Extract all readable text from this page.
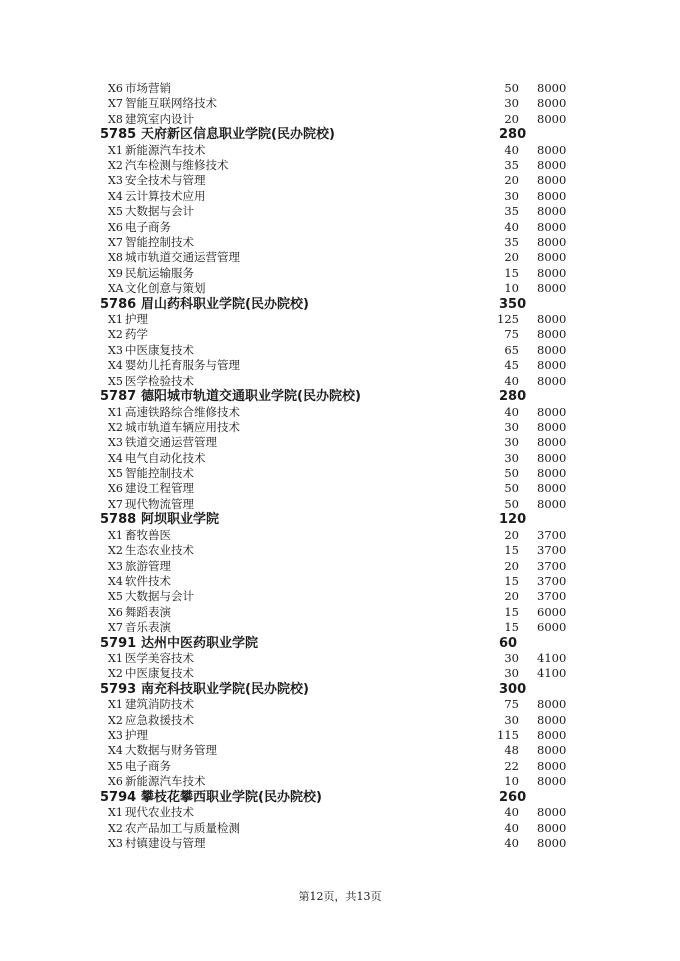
X6 市场营销	50 8000
X7 智能互联网络技术	30 8000
X8 建筑室内设计	20 8000
5785 天府新区信息职业学院(民办院校)	280
X1 新能源汽车技术	40 8000
X2 汽车检测与维修技术	35 8000
X3 安全技术与管理	20 8000
X4 云计算技术应用	30 8000
X5 大数据与会计	35 8000
X6 电子商务	40 8000
X7 智能控制技术	35 8000
X8 城市轨道交通运营管理	20 8000
X9 民航运输服务	15 8000
XA 文化创意与策划	10 8000
5786 眉山药科职业学院(民办院校)	350
X1 护理	125 8000
X2 药学	75 8000
X3 中医康复技术	65 8000
X4 婴幼儿托育服务与管理	45 8000
X5 医学检验技术	40 8000
5787 德阳城市轨道交通职业学院(民办院校)	280
X1 高速铁路综合维修技术	40 8000
X2 城市轨道车辆应用技术	30 8000
X3 铁道交通运营管理	30 8000
X4 电气自动化技术	30 8000
X5 智能控制技术	50 8000
X6 建设工程管理	50 8000
X7 现代物流管理	50 8000
5788 阿坝职业学院	120
X1 畜牧兽医	20 3700
X2 生态农业技术	15 3700
X3 旅游管理	20 3700
X4 软件技术	15 3700
X5 大数据与会计	20 3700
X6 舞蹈表演	15 6000
X7 音乐表演	15 6000
5791 达州中医药职业学院	60
X1 医学美容技术	30 4100
X2 中医康复技术	30 4100
5793 南充科技职业学院(民办院校)	300
X1 建筑消防技术	75 8000
X2 应急救援技术	30 8000
X3 护理	115 8000
X4 大数据与财务管理	48 8000
X5 电子商务	22 8000
X6 新能源汽车技术	10 8000
5794 攀枝花攀西职业学院(民办院校)	260
X1 现代农业技术	40 8000
X2 农产品加工与质量检测	40 8000
X3 村镇建设与管理	40 8000
第12页，共13页
